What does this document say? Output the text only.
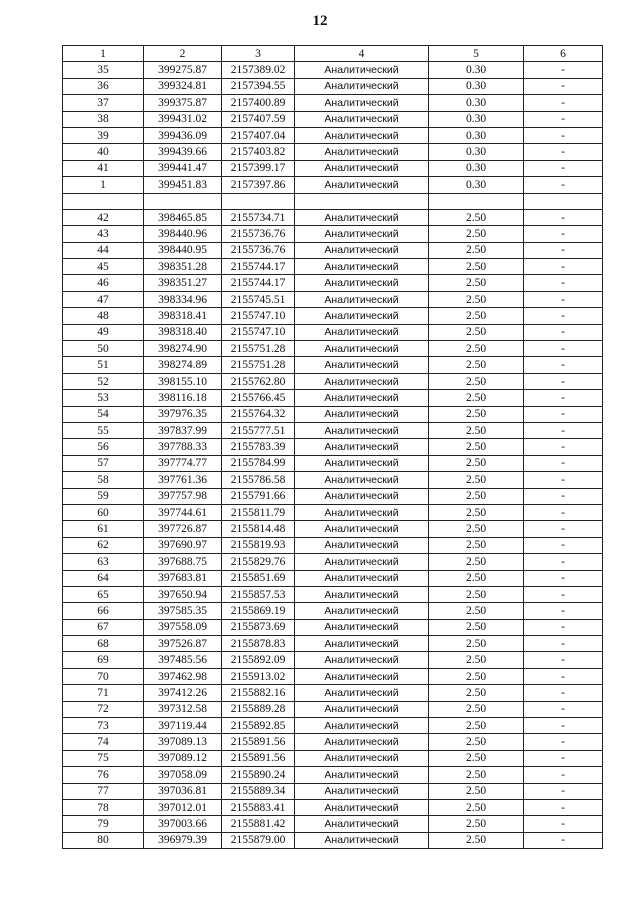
12
1	2	3	4	5	6
35	399275.87	2157389.02	Аналитический	0.30	-
36	399324.81	2157394.55	Аналитический	0.30	-
37	399375.87	2157400.89	Аналитический	0.30	-
38	399431.02	2157407.59	Аналитический	0.30	-
39	399436.09	2157407.04	Аналитический	0.30	-
40	399439.66	2157403.82	Аналитический	0.30	-
41	399441.47	2157399.17	Аналитический	0.30	-
1	399451.83	2157397.86	Аналитический	0.30	-

42	398465.85	2155734.71	Аналитический	2.50	-
43	398440.96	2155736.76	Аналитический	2.50	-
44	398440.95	2155736.76	Аналитический	2.50	-
45	398351.28	2155744.17	Аналитический	2.50	-
46	398351.27	2155744.17	Аналитический	2.50	-
47	398334.96	2155745.51	Аналитический	2.50	-
48	398318.41	2155747.10	Аналитический	2.50	-
49	398318.40	2155747.10	Аналитический	2.50	-
50	398274.90	2155751.28	Аналитический	2.50	-
51	398274.89	2155751.28	Аналитический	2.50	-
52	398155.10	2155762.80	Аналитический	2.50	-
53	398116.18	2155766.45	Аналитический	2.50	-
54	397976.35	2155764.32	Аналитический	2.50	-
55	397837.99	2155777.51	Аналитический	2.50	-
56	397788.33	2155783.39	Аналитический	2.50	-
57	397774.77	2155784.99	Аналитический	2.50	-
58	397761.36	2155786.58	Аналитический	2.50	-
59	397757.98	2155791.66	Аналитический	2.50	-
60	397744.61	2155811.79	Аналитический	2.50	-
61	397726.87	2155814.48	Аналитический	2.50	-
62	397690.97	2155819.93	Аналитический	2.50	-
63	397688.75	2155829.76	Аналитический	2.50	-
64	397683.81	2155851.69	Аналитический	2.50	-
65	397650.94	2155857.53	Аналитический	2.50	-
66	397585.35	2155869.19	Аналитический	2.50	-
67	397558.09	2155873.69	Аналитический	2.50	-
68	397526.87	2155878.83	Аналитический	2.50	-
69	397485.56	2155892.09	Аналитический	2.50	-
70	397462.98	2155913.02	Аналитический	2.50	-
71	397412.26	2155882.16	Аналитический	2.50	-
72	397312.58	2155889.28	Аналитический	2.50	-
73	397119.44	2155892.85	Аналитический	2.50	-
74	397089.13	2155891.56	Аналитический	2.50	-
75	397089.12	2155891.56	Аналитический	2.50	-
76	397058.09	2155890.24	Аналитический	2.50	-
77	397036.81	2155889.34	Аналитический	2.50	-
78	397012.01	2155883.41	Аналитический	2.50	-
79	397003.66	2155881.42	Аналитический	2.50	-
80	396979.39	2155879.00	Аналитический	2.50	-
